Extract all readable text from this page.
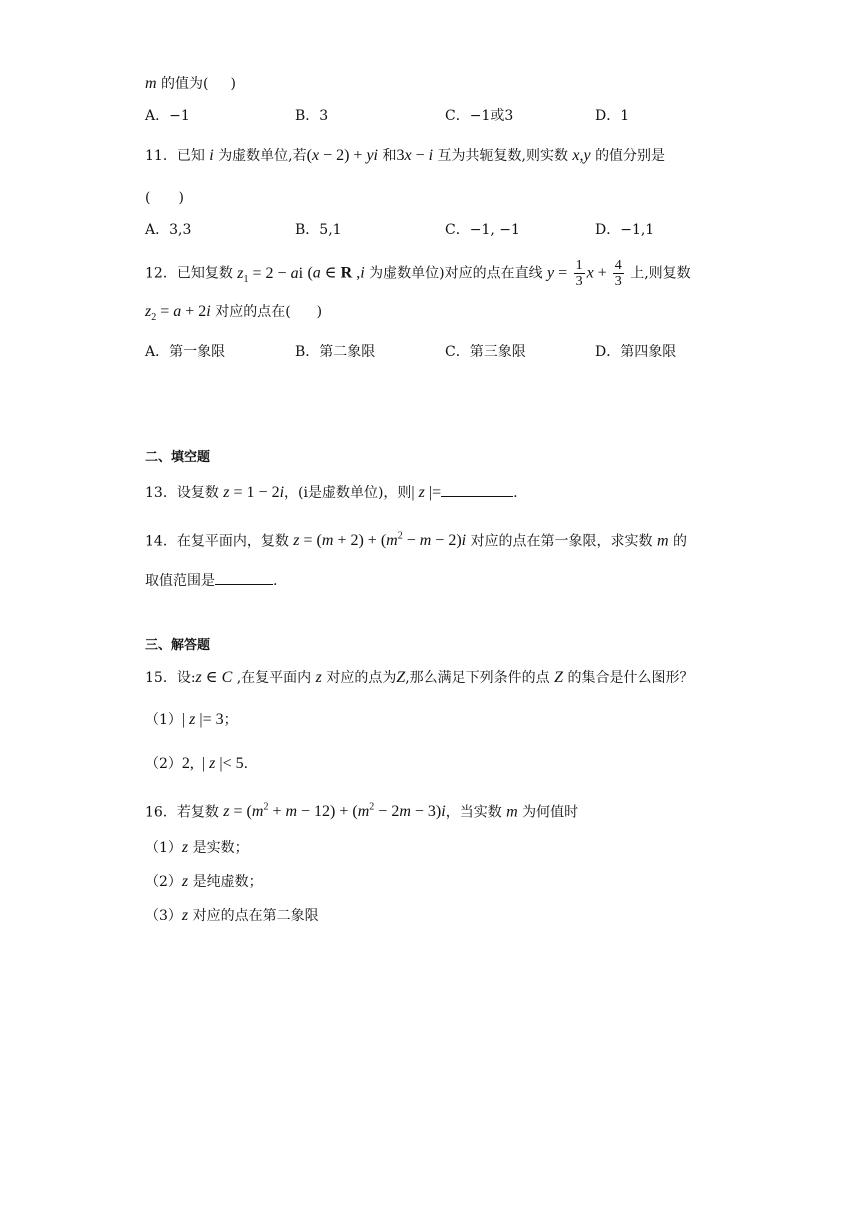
m 的值为( )
A．−1	B．3	C．−1或3	D．1
11．已知 i 为虚数单位,若(x − 2) + yi 和3x − i 互为共轭复数,则实数 x,y 的值分别是
(　　)
A．3,3	B．5,1	C．−1, −1	D．−1,1
12．已知复数 $z_1 = 2$ − ai (a ∈ R ,i 为虚数单位)对应的点在直线 $y = \frac{1}{3}$ $x + \frac{4}{3}$ 上,则复数
$z_2 = a + 2i$ 对应的点在( )
A．第一象限	B．第二象限	C．第三象限	D．第四象限
二、填空题
13．设复数 z = 1 − 2i，(i是虚数单位)，则| z |=	.
14．在复平面内，复数 $z = (m + 2) + (m^2 - m - 2)i$ 对应的点在第一象限，求实数 m 的
取值范围是	.
三、解答题
15．设:z ∈ C ,在复平面内 z 对应的点为Z,那么满足下列条件的点 Z 的集合是什么图形？
（1）| z |= 3；
（2）2,  | z |< 5.
16．若复数 $z = (m^2 + m - 12) + (m^2 - 2m - 3)i$，当实数 m 为何值时
（1）z 是实数；
（2）z 是纯虚数；
（3）z 对应的点在第二象限
